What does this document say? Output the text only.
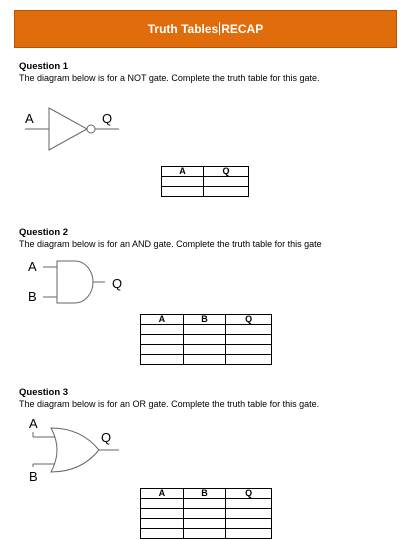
Truth Tables RECAP
Question 1
The diagram below is for a NOT gate. Complete the truth table for this gate.
A	Q
A	Q

Question 2
The diagram below is for an AND gate. Complete the truth table for this gate
A
B
Q
A	B	Q

Question 3
The diagram below is for an OR gate. Complete the truth table for this gate.
A
B
Q
A	B	Q
